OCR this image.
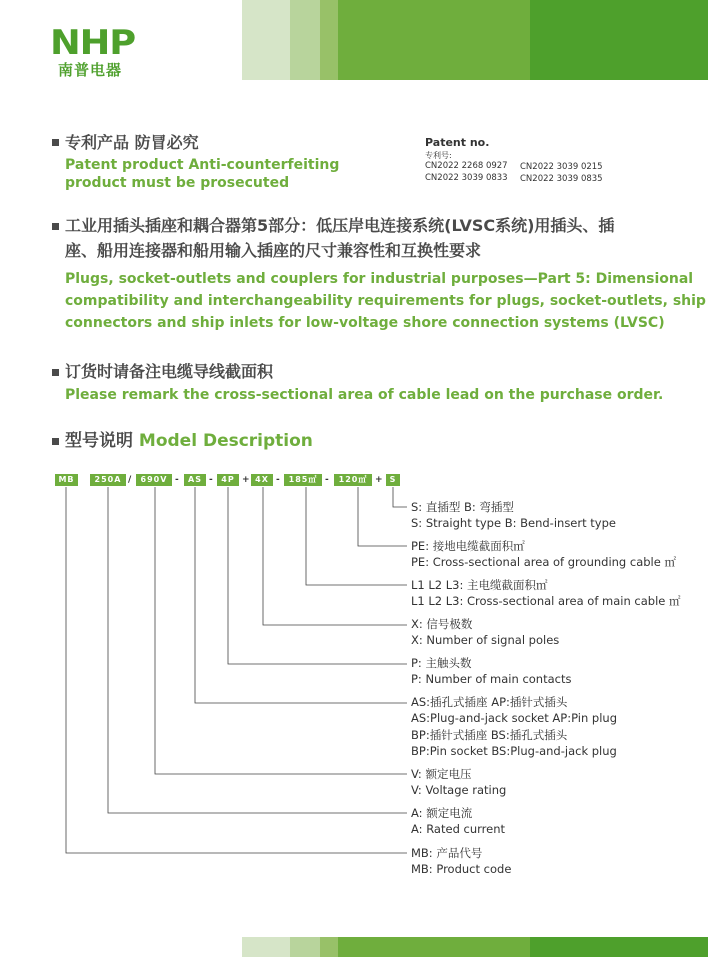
NHP
南普电器
专利产品 防冒必究
Patent product Anti-counterfeiting
product must be prosecuted
Patent no.
专利号:
CN2022 2268 0927
CN2022 3039 0833
CN2022 3039 0215
CN2022 3039 0835
工业用插头插座和耦合器第5部分：低压岸电连接系统(LVSC系统)用插头、插
座、船用连接器和船用输入插座的尺寸兼容性和互换性要求
Plugs, socket-outlets and couplers for industrial purposes—Part 5: Dimensional
compatibility and interchangeability requirements for plugs, socket-outlets, ship
connectors and ship inlets for low-voltage shore connection systems (LVSC)
订货时请备注电缆导线截面积
Please remark the cross-sectional area of cable lead on the purchase order.
型号说明 Model Description
MB	250A /	690V -	AS -	4P + 4X -	185㎡ -	120㎡ + S
S: 直插型 B: 弯插型
S: Straight type B: Bend-insert type
PE: 接地电缆截面积㎡
PE: Cross-sectional area of grounding cable ㎡
L1 L2 L3: 主电缆截面积㎡
L1 L2 L3: Cross-sectional area of main cable ㎡
X: 信号极数
X: Number of signal poles
P: 主触头数
P: Number of main contacts
AS:插孔式插座 AP:插针式插头
AS:Plug-and-jack socket AP:Pin plug
BP:插针式插座 BS:插孔式插头
BP:Pin socket BS:Plug-and-jack plug
V: 额定电压
V: Voltage rating
A: 额定电流
A: Rated current
MB: 产品代号
MB: Product code
